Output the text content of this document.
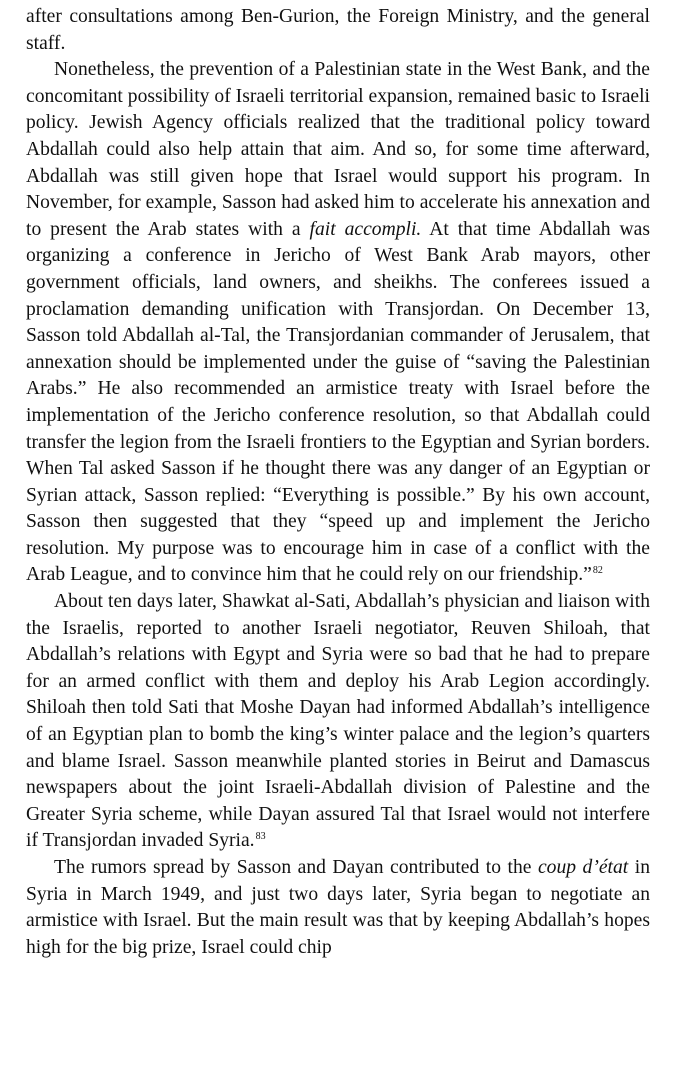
after consultations among Ben-Gurion, the Foreign Ministry, and the general staff.

Nonetheless, the prevention of a Palestinian state in the West Bank, and the concomitant possibility of Israeli territorial expansion, remained basic to Israeli policy. Jewish Agency officials realized that the traditional policy toward Abdallah could also help attain that aim. And so, for some time afterward, Abdallah was still given hope that Israel would support his program. In November, for example, Sasson had asked him to accelerate his annexation and to present the Arab states with a fait accompli. At that time Abdallah was organizing a conference in Jericho of West Bank Arab mayors, other government officials, land owners, and sheikhs. The conferees issued a proclamation demanding unification with Transjordan. On December 13, Sasson told Abdallah al-Tal, the Transjordanian commander of Jerusalem, that annexation should be implemented under the guise of “saving the Palestinian Arabs.” He also recommended an armistice treaty with Israel before the implementation of the Jericho conference resolution, so that Abdallah could transfer the legion from the Israeli frontiers to the Egyptian and Syrian borders. When Tal asked Sasson if he thought there was any danger of an Egyptian or Syrian attack, Sasson replied: “Everything is possible.” By his own account, Sasson then suggested that they “speed up and implement the Jericho resolution. My purpose was to encourage him in case of a conflict with the Arab League, and to convince him that he could rely on our friendship.”$^{82}$

About ten days later, Shawkat al-Sati, Abdallah’s physician and liaison with the Israelis, reported to another Israeli negotiator, Reuven Shiloah, that Abdallah’s relations with Egypt and Syria were so bad that he had to prepare for an armed conflict with them and deploy his Arab Legion accordingly. Shiloah then told Sati that Moshe Dayan had informed Abdallah’s intelligence of an Egyptian plan to bomb the king’s winter palace and the legion’s quarters and blame Israel. Sasson meanwhile planted stories in Beirut and Damascus newspapers about the joint Israeli-Abdallah division of Palestine and the Greater Syria scheme, while Dayan assured Tal that Israel would not interfere if Transjordan invaded Syria.$^{83}$

The rumors spread by Sasson and Dayan contributed to the coup d’état in Syria in March 1949, and just two days later, Syria began to negotiate an armistice with Israel. But the main result was that by keeping Abdallah’s hopes high for the big prize, Israel could chip
